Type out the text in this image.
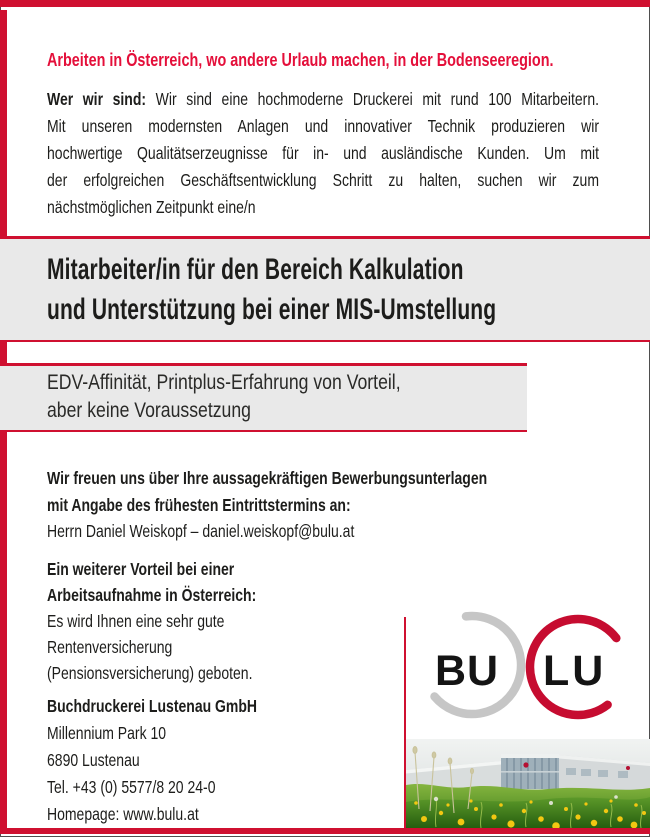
Arbeiten in Österreich, wo andere Urlaub machen, in der Bodenseeregion.
Wer wir sind: Wir sind eine hochmoderne Druckerei mit rund 100 Mitarbeitern.
Mit unseren modernsten Anlagen und innovativer Technik produzieren wir
hochwertige Qualitätserzeugnisse für in- und ausländische Kunden. Um mit
der erfolgreichen Geschäftsentwicklung Schritt zu halten, suchen wir zum
nächstmöglichen Zeitpunkt eine/n
Mitarbeiter/in für den Bereich Kalkulation
und Unterstützung bei einer MIS-Umstellung
EDV-Affinität, Printplus-Erfahrung von Vorteil,
aber keine Voraussetzung
Wir freuen uns über Ihre aussagekräftigen Bewerbungsunterlagen
mit Angabe des frühesten Eintrittstermins an:
Herrn Daniel Weiskopf – daniel.weiskopf@bulu.at
Ein weiterer Vorteil bei einer
Arbeitsaufnahme in Österreich:
Es wird Ihnen eine sehr gute
Rentenversicherung
(Pensionsversicherung) geboten.
Buchdruckerei Lustenau GmbH
Millennium Park 10
6890 Lustenau
Tel. +43 (0) 5577/8 20 24-0
Homepage: www.bulu.at
BU LU
